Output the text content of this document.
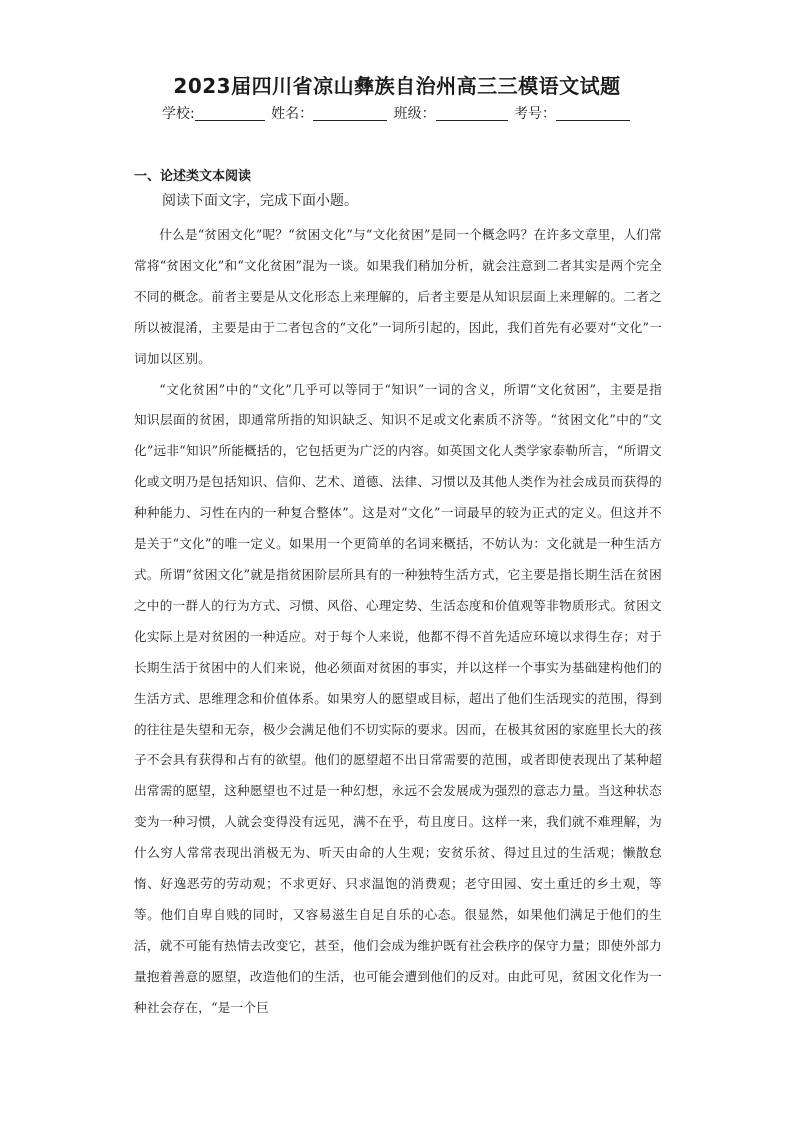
2023届四川省凉山彝族自治州高三三模语文试题
学校:	姓名：	班级：	考号：
一、论述类文本阅读
阅读下面文字，完成下面小题。

什么是“贫困文化”呢？“贫困文化”与“文化贫困”是同一个概念吗？在许多文章里，人们常常将“贫困文化”和“文化贫困”混为一谈。如果我们稍加分析，就会注意到二者其实是两个完全不同的概念。前者主要是从文化形态上来理解的，后者主要是从知识层面上来理解的。二者之所以被混淆，主要是由于二者包含的“文化”一词所引起的，因此，我们首先有必要对“文化”一词加以区别。

“文化贫困”中的“文化”几乎可以等同于“知识”一词的含义，所谓“文化贫困”，主要是指知识层面的贫困，即通常所指的知识缺乏、知识不足或文化素质不济等。“贫困文化”中的“文化”远非“知识”所能概括的，它包括更为广泛的内容。如英国文化人类学家泰勒所言，“所谓文化或文明乃是包括知识、信仰、艺术、道德、法律、习惯以及其他人类作为社会成员而获得的种种能力、习性在内的一种复合整体”。这是对“文化”一词最早的较为正式的定义。但这并不是关于“文化”的唯一定义。如果用一个更简单的名词来概括，不妨认为：文化就是一种生活方式。所谓“贫困文化”就是指贫困阶层所具有的一种独特生活方式，它主要是指长期生活在贫困之中的一群人的行为方式、习惯、风俗、心理定势、生活态度和价值观等非物质形式。贫困文化实际上是对贫困的一种适应。对于每个人来说，他都不得不首先适应环境以求得生存；对于长期生活于贫困中的人们来说，他必须面对贫困的事实，并以这样一个事实为基础建构他们的生活方式、思维理念和价值体系。如果穷人的愿望或目标，超出了他们生活现实的范围，得到的往往是失望和无奈，极少会满足他们不切实际的要求。因而，在极其贫困的家庭里长大的孩子不会具有获得和占有的欲望。他们的愿望超不出日常需要的范围，或者即使表现出了某种超出常需的愿望，这种愿望也不过是一种幻想，永远不会发展成为强烈的意志力量。当这种状态变为一种习惯，人就会变得没有远见，满不在乎，苟且度日。这样一来，我们就不难理解，为什么穷人常常表现出消极无为、听天由命的人生观；安贫乐贫、得过且过的生活观；懒散怠惰、好逸恶劳的劳动观；不求更好、只求温饱的消费观；老守田园、安土重迁的乡土观，等等。他们自卑自贱的同时，又容易滋生自足自乐的心态。很显然，如果他们满足于他们的生活，就不可能有热情去改变它，甚至，他们会成为维护既有社会秩序的保守力量；即使外部力量抱着善意的愿望，改造他们的生活，也可能会遭到他们的反对。由此可见，贫困文化作为一种社会存在，“是一个巨
